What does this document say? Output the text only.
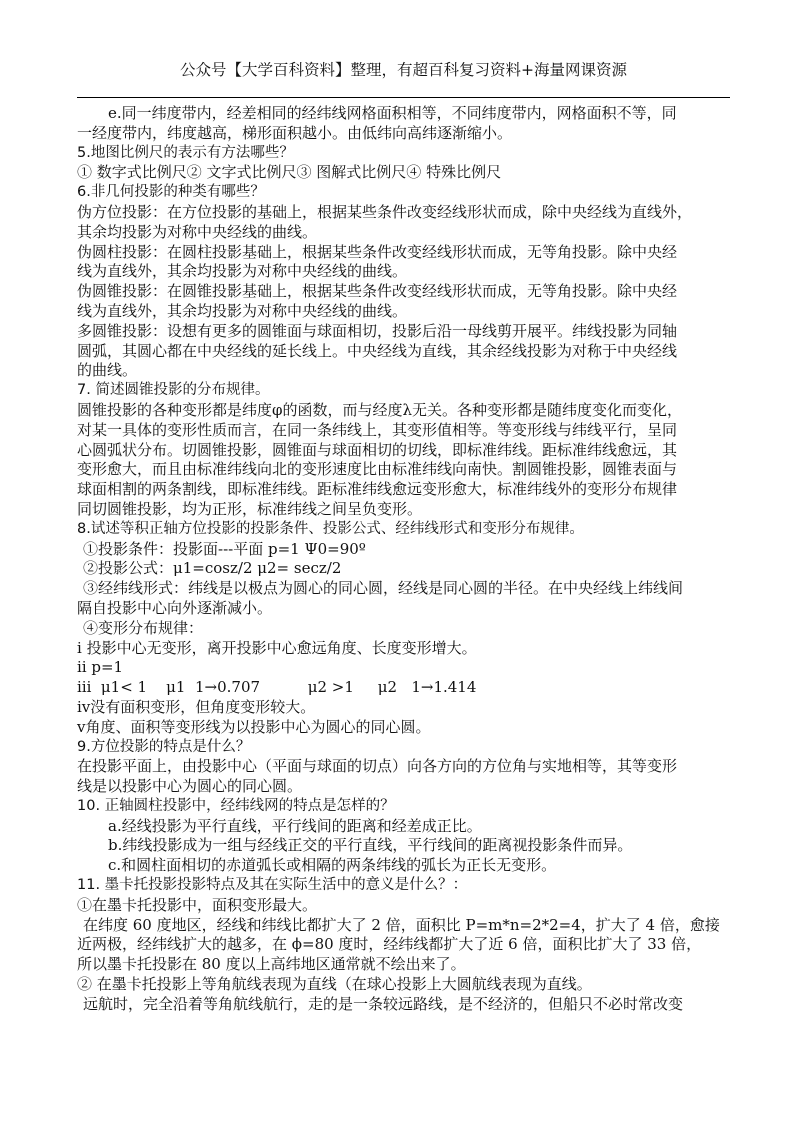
公众号【大学百科资料】整理，有超百科复习资料+海量网课资源
e.同一纬度带内，经差相同的经纬线网格面积相等，不同纬度带内，网格面积不等，同
一经度带内，纬度越高，梯形面积越小。由低纬向高纬逐渐缩小。
5.地图比例尺的表示有方法哪些？
① 数字式比例尺② 文字式比例尺③ 图解式比例尺④ 特殊比例尺
6.非几何投影的种类有哪些？
伪方位投影：在方位投影的基础上，根据某些条件改变经线形状而成，除中央经线为直线外，
其余均投影为对称中央经线的曲线。
伪圆柱投影：在圆柱投影基础上，根据某些条件改变经线形状而成，无等角投影。除中央经
线为直线外，其余均投影为对称中央经线的曲线。
伪圆锥投影：在圆锥投影基础上，根据某些条件改变经线形状而成，无等角投影。除中央经
线为直线外，其余均投影为对称中央经线的曲线。
多圆锥投影：设想有更多的圆锥面与球面相切，投影后沿一母线剪开展平。纬线投影为同轴
圆弧，其圆心都在中央经线的延长线上。中央经线为直线，其余经线投影为对称于中央经线
的曲线。
7. 简述圆锥投影的分布规律。
圆锥投影的各种变形都是纬度φ的函数，而与经度λ无关。各种变形都是随纬度变化而变化，
对某一具体的变形性质而言，在同一条纬线上，其变形值相等。等变形线与纬线平行，呈同
心圆弧状分布。切圆锥投影，圆锥面与球面相切的切线，即标准纬线。距标准纬线愈远，其
变形愈大，而且由标准纬线向北的变形速度比由标准纬线向南快。割圆锥投影，圆锥表面与
球面相割的两条割线，即标准纬线。距标准纬线愈远变形愈大，标准纬线外的变形分布规律
同切圆锥投影，均为正形，标准纬线之间呈负变形。
8.试述等积正轴方位投影的投影条件、投影公式、经纬线形式和变形分布规律。
①投影条件：投影面---平面 p=1 Ψ0=90º
②投影公式：μ1=cosz/2 μ2= secz/2
③经纬线形式：纬线是以极点为圆心的同心圆，经线是同心圆的半径。在中央经线上纬线间
隔自投影中心向外逐渐减小。
④变形分布规律：
ⅰ 投影中心无变形，离开投影中心愈远角度、长度变形增大。
ⅱ p=1
ⅲ  μ1< 1    μ1  1→0.707          μ2 >1     μ2   1→1.414
ⅳ没有面积变形，但角度变形较大。
ⅴ角度、面积等变形线为以投影中心为圆心的同心圆。
9.方位投影的特点是什么？
在投影平面上，由投影中心（平面与球面的切点）向各方向的方位角与实地相等，其等变形
线是以投影中心为圆心的同心圆。
10. 正轴圆柱投影中，经纬线网的特点是怎样的？
a.经线投影为平行直线，平行线间的距离和经差成正比。
b.纬线投影成为一组与经线正交的平行直线，平行线间的距离视投影条件而异。
c.和圆柱面相切的赤道弧长或相隔的两条纬线的弧长为正长无变形。
11. 墨卡托投影投影特点及其在实际生活中的意义是什么？：
①在墨卡托投影中，面积变形最大。
在纬度 60 度地区，经线和纬线比都扩大了 2 倍，面积比 P=m*n=2*2=4，扩大了 4 倍，愈接
近两极，经纬线扩大的越多，在 ϕ=80 度时，经纬线都扩大了近 6 倍，面积比扩大了 33 倍，
所以墨卡托投影在 80 度以上高纬地区通常就不绘出来了。
② 在墨卡托投影上等角航线表现为直线（在球心投影上大圆航线表现为直线。
远航时，完全沿着等角航线航行，走的是一条较远路线，是不经济的，但船只不必时常改变
